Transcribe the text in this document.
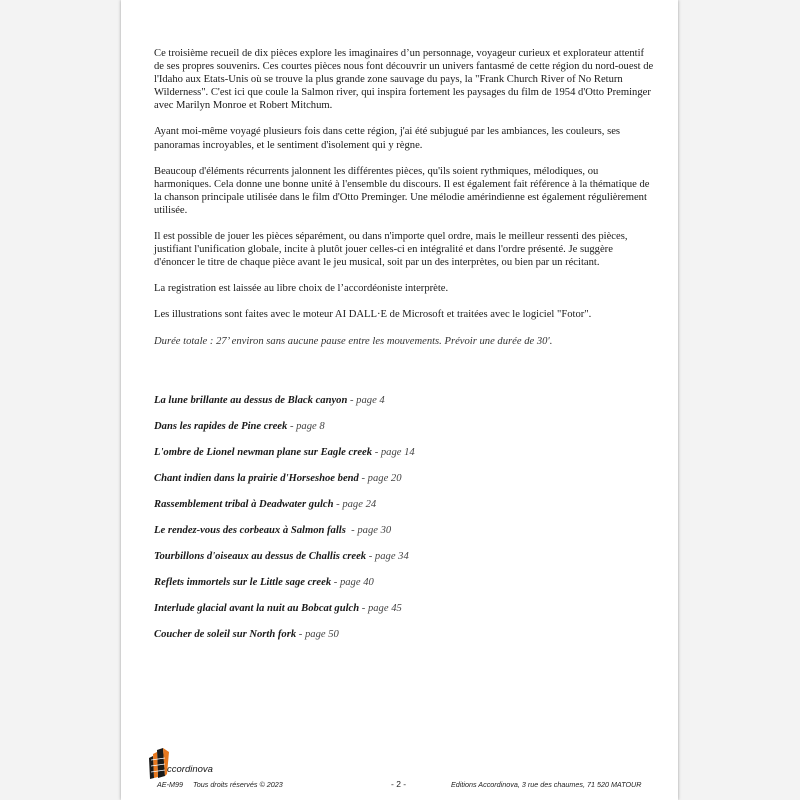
Ce troisième recueil de dix pièces explore les imaginaires d’un personnage, voyageur curieux et explorateur attentif de ses propres souvenirs. Ces courtes pièces nous font découvrir un univers fantasmé de cette région du nord-ouest de l'Idaho aux Etats-Unis où se trouve la plus grande zone sauvage du pays, la "Frank Church River of No Return Wilderness". C'est ici que coule la Salmon river, qui inspira fortement les paysages du film de 1954 d'Otto Preminger avec Marilyn Monroe et Robert Mitchum.

Ayant moi-même voyagé plusieurs fois dans cette région, j'ai été subjugué par les ambiances, les couleurs, ses panoramas incroyables, et le sentiment d'isolement qui y règne.

Beaucoup d'éléments récurrents jalonnent les différentes pièces, qu'ils soient rythmiques, mélodiques, ou harmoniques. Cela donne une bonne unité à l'ensemble du discours. Il est également fait référence à la thématique de la chanson principale utilisée dans le film d'Otto Preminger. Une mélodie amérindienne est également régulièrement utilisée.

Il est possible de jouer les pièces séparément, ou dans n'importe quel ordre, mais le meilleur ressenti des pièces, justifiant l'unification globale, incite à plutôt jouer celles-ci en intégralité et dans l'ordre présenté. Je suggère d'énoncer le titre de chaque pièce avant le jeu musical, soit par un des interprètes, ou bien par un récitant.

La registration est laissée au libre choix de l’accordéoniste interprète.

Les illustrations sont faites avec le moteur AI DALL·E de Microsoft et traitées avec le logiciel "Fotor".

Durée totale : 27’ environ sans aucune pause entre les mouvements. Prévoir une durée de 30'.

La lune brillante au dessus de Black canyon - page 4
Dans les rapides de Pine creek - page 8
L'ombre de Lionel newman plane sur Eagle creek - page 14
Chant indien dans la prairie d'Horseshoe bend - page 20
Rassemblement tribal à Deadwater gulch - page 24
Le rendez-vous des corbeaux à Salmon falls  - page 30
Tourbillons d'oiseaux au dessus de Challis creek - page 34
Reflets immortels sur le Little sage creek - page 40
Interlude glacial avant la nuit au Bobcat gulch - page 45
Coucher de soleil sur North fork - page 50
ccordinova
AE-M99 Tous droits réservés © 2023	- 2 -	Editions Accordinova, 3 rue des chaumes, 71 520 MATOUR
